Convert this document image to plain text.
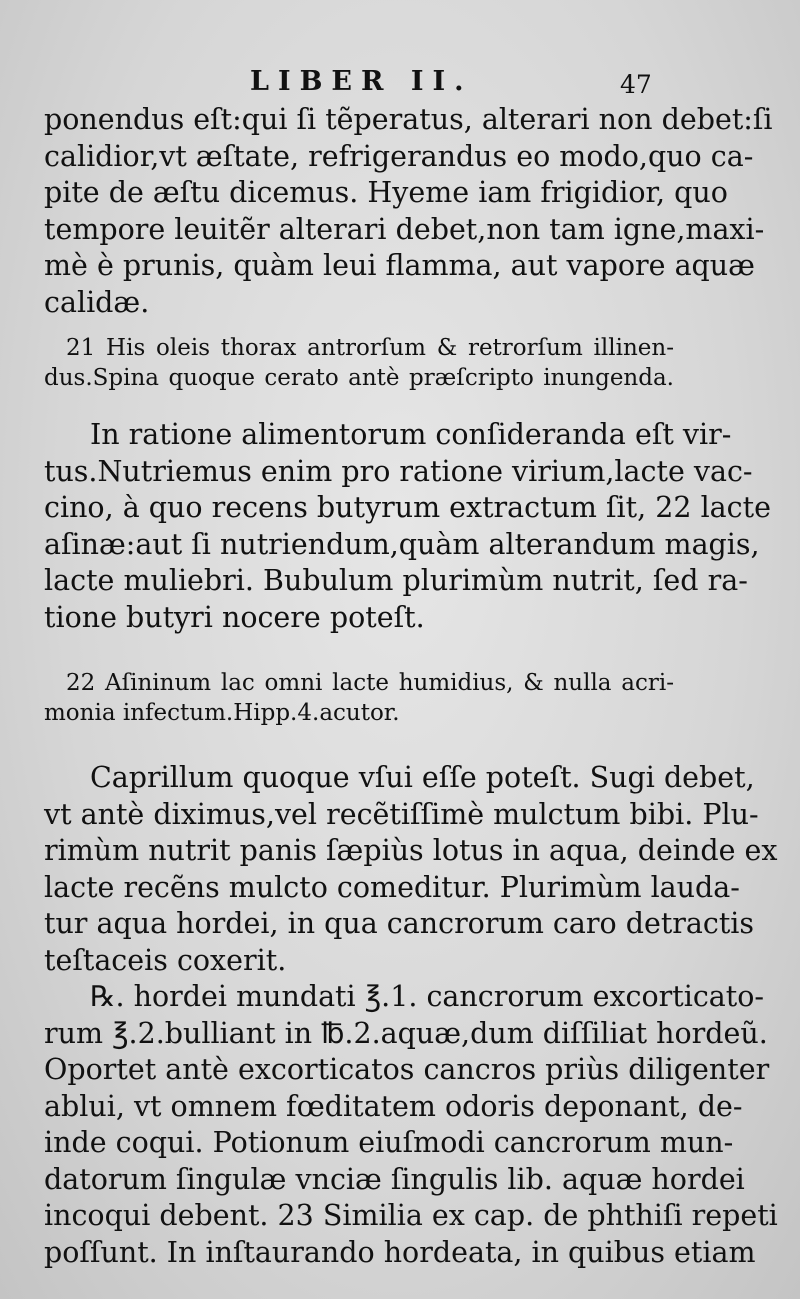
LIBER II.	47
ponendus eſt:qui ſi tẽperatus, alterari non debet:ſi
calidior,vt æſtate, refrigerandus eo modo,quo ca-
pite de æſtu dicemus. Hyeme iam frigidior, quo
tempore leuitẽr alterari debet,non tam igne,maxi-
mè è prunis, quàm leui flamma, aut vapore aquæ
calidæ.
21 His oleis thorax antrorſum & retrorſum illinen-
dus.Spina quoque cerato antè præſcripto inungenda.
In ratione alimentorum conſideranda eſt vir-
tus.Nutriemus enim pro ratione virium,lacte vac-
cino, à quo recens butyrum extractum ſit, 22 lacte
aſinæ:aut ſi nutriendum,quàm alterandum magis,
lacte muliebri. Bubulum plurimùm nutrit, ſed ra-
tione butyri nocere poteſt.
22 Aſininum lac omni lacte humidius, & nulla acri-
monia infectum.Hipp.4.acutor.
Caprillum quoque vſui eſſe poteſt. Sugi debet,
vt antè diximus,vel recẽtiſſimè mulctum bibi. Plu-
rimùm nutrit panis ſæpiùs lotus in aqua, deinde ex
lacte recẽns mulcto comeditur. Plurimùm lauda-
tur aqua hordei, in qua cancrorum caro detractis
teſtaceis coxerit.
℞. hordei mundati ℥.1. cancrorum excorticato-
rum ℥.2.bulliant in ℔.2.aquæ,dum diſſiliat hordeũ.
Oportet antè excorticatos cancros priùs diligenter
ablui, vt omnem fœditatem odoris deponant, de-
inde coqui. Potionum eiuſmodi cancrorum mun-
datorum ſingulæ vnciæ ſingulis lib. aquæ hordei
incoqui debent. 23 Similia ex cap. de phthiſi repeti
poſſunt. In inſtaurando hordeata, in quibus etiam
